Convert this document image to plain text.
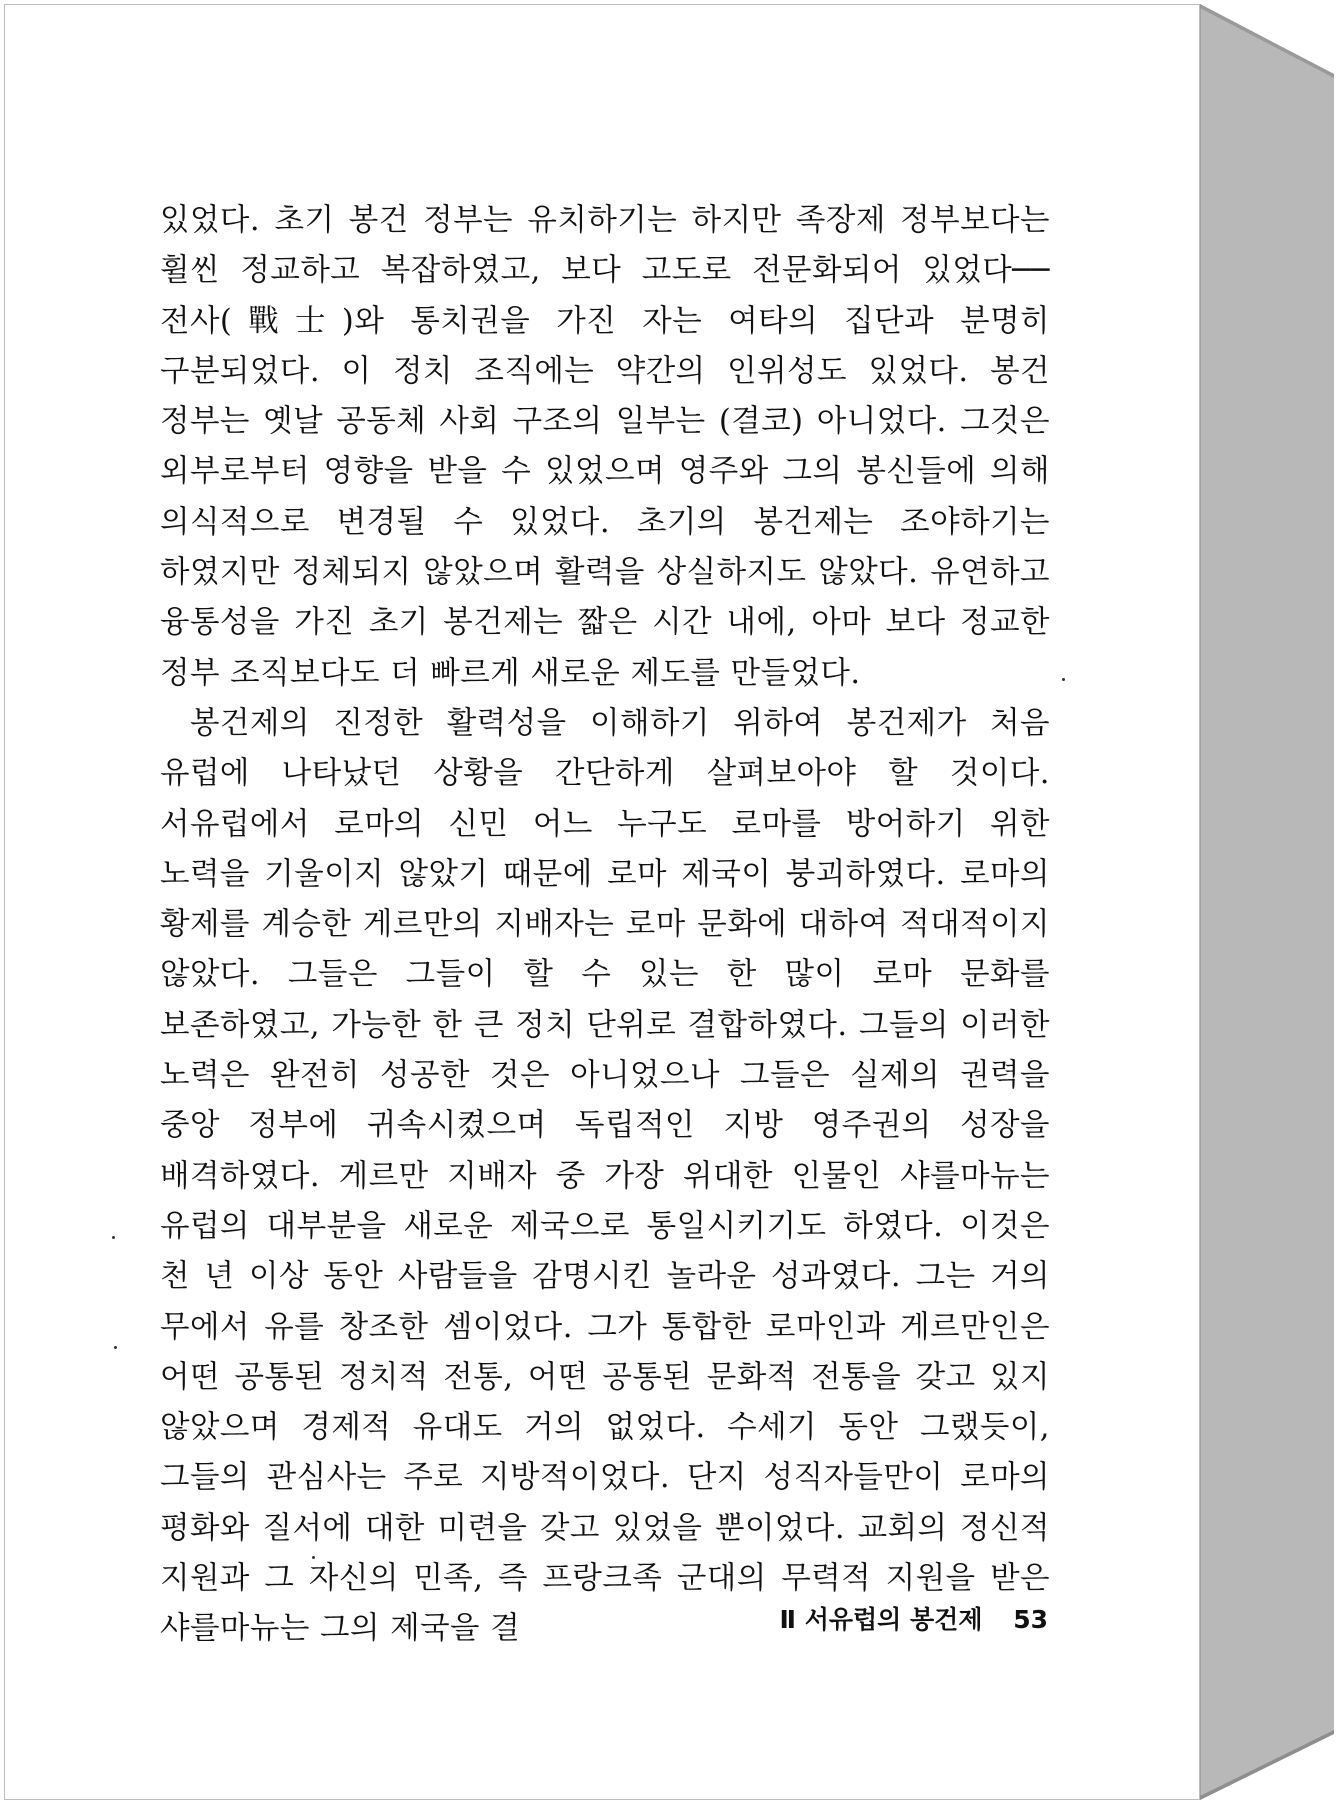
있었다. 초기 봉건 정부는 유치하기는 하지만 족장제 정부보다는 휠씬 정교하고 복잡하였고, 보다 고도로 전문화되어 있었다── 전사(戰士)와 통치권을 가진 자는 여타의 집단과 분명히 구분되었다. 이 정치 조직에는 약간의 인위성도 있었다. 봉건 정부는 옛날 공동체 사회 구조의 일부는 (결코) 아니었다. 그것은 외부로부터 영향을 받을 수 있었으며 영주와 그의 봉신들에 의해 의식적으로 변경될 수 있었다. 초기의 봉건제는 조야하기는 하였지만 정체되지 않았으며 활력을 상실하지도 않았다. 유연하고 융통성을 가진 초기 봉건제는 짧은 시간 내에, 아마 보다 정교한 정부 조직보다도 더 빠르게 새로운 제도를 만들었다.

봉건제의 진정한 활력성을 이해하기 위하여 봉건제가 처음 유럽에 나타났던 상황을 간단하게 살펴보아야 할 것이다. 서유럽에서 로마의 신민 어느 누구도 로마를 방어하기 위한 노력을 기울이지 않았기 때문에 로마 제국이 붕괴하였다. 로마의 황제를 계승한 게르만의 지배자는 로마 문화에 대하여 적대적이지 않았다. 그들은 그들이 할 수 있는 한 많이 로마 문화를 보존하였고, 가능한 한 큰 정치 단위로 결합하였다. 그들의 이러한 노력은 완전히 성공한 것은 아니었으나 그들은 실제의 권력을 중앙 정부에 귀속시켰으며 독립적인 지방 영주권의 성장을 배격하였다. 게르만 지배자 중 가장 위대한 인물인 샤를마뉴는 유럽의 대부분을 새로운 제국으로 통일시키기도 하였다. 이것은 천 년 이상 동안 사람들을 감명시킨 놀라운 성과였다. 그는 거의 무에서 유를 창조한 셈이었다. 그가 통합한 로마인과 게르만인은 어떤 공통된 정치적 전통, 어떤 공통된 문화적 전통을 갖고 있지 않았으며 경제적 유대도 거의 없었다. 수세기 동안 그랬듯이, 그들의 관심사는 주로 지방적이었다. 단지 성직자들만이 로마의 평화와 질서에 대한 미련을 갖고 있었을 뿐이었다. 교회의 정신적 지원과 그 자신의 민족, 즉 프랑크족 군대의 무력적 지원을 받은 샤를마뉴는 그의 제국을 결	Ⅱ 서유럽의 봉건제 53
